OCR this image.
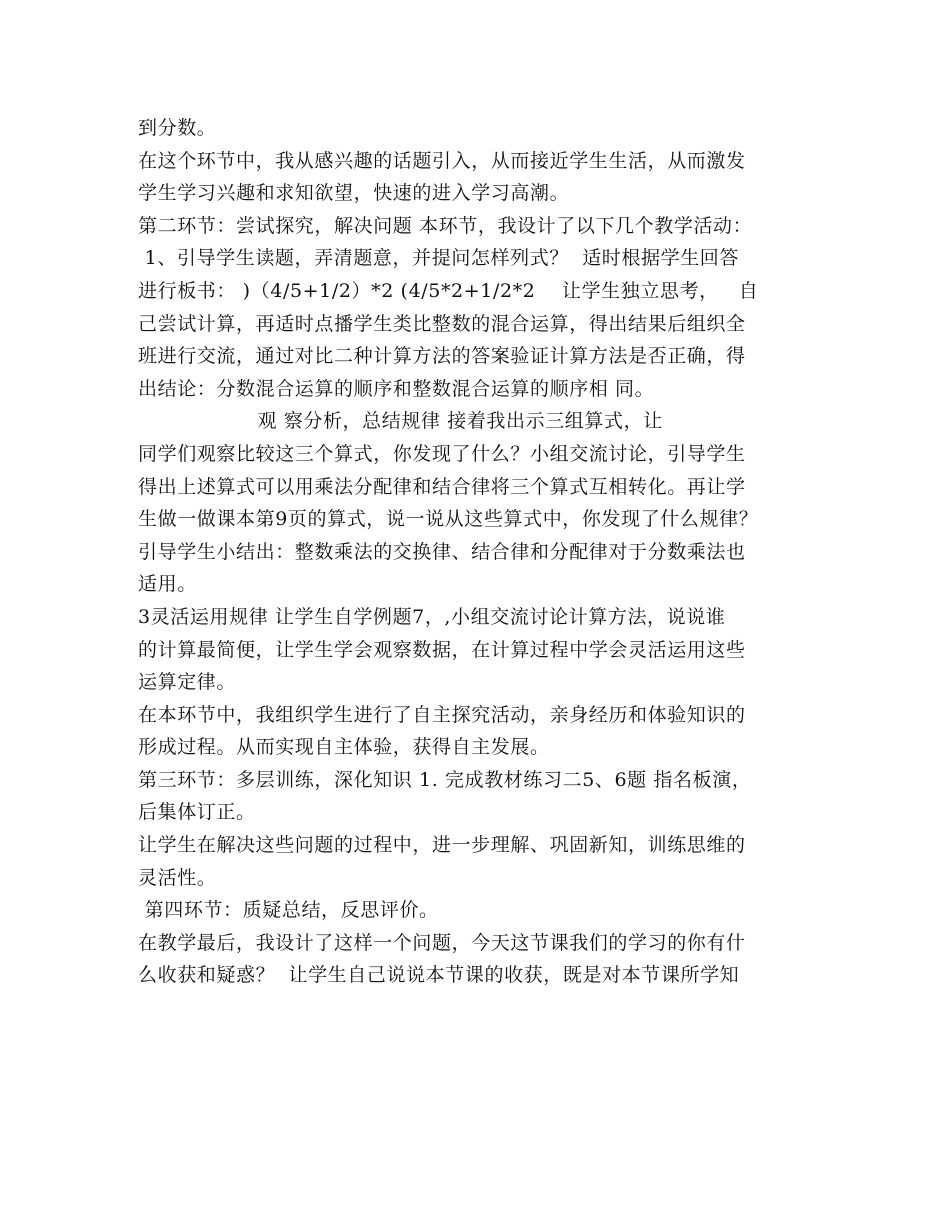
到分数。
在这个环节中，我从感兴趣的话题引入，从而接近学生生活，从而激发
学生学习兴趣和求知欲望，快速的进入学习高潮。
第二环节：尝试探究，解决问题 本环节，我设计了以下几个教学活动：
1、引导学生读题，弄清题意，并提问怎样列式？  适时根据学生回答
进行板书： )（4/5+1/2）*2 (4/5*2+1/2*2    让学生独立思考，   自
己尝试计算，再适时点播学生类比整数的混合运算，得出结果后组织全
班进行交流，通过对比二种计算方法的答案验证计算方法是否正确，得
出结论：分数混合运算的顺序和整数混合运算的顺序相 同。
观 察分析，总结规律 接着我出示三组算式，让
同学们观察比较这三个算式，你发现了什么？小组交流讨论，引导学生
得出上述算式可以用乘法分配律和结合律将三个算式互相转化。再让学
生做一做课本第9页的算式，说一说从这些算式中，你发现了什么规律？
引导学生小结出：整数乘法的交换律、结合律和分配律对于分数乘法也
适用。
3灵活运用规律 让学生自学例题7，,小组交流讨论计算方法，说说谁
的计算最简便，让学生学会观察数据，在计算过程中学会灵活运用这些
运算定律。
在本环节中，我组织学生进行了自主探究活动，亲身经历和体验知识的
形成过程。从而实现自主体验，获得自主发展。
第三环节：多层训练，深化知识 1. 完成教材练习二5、6题 指名板演，
后集体订正。
让学生在解决这些问题的过程中，进一步理解、巩固新知，训练思维的
灵活性。
第四环节：质疑总结，反思评价。
在教学最后，我设计了这样一个问题，今天这节课我们的学习的你有什
么收获和疑惑？  让学生自己说说本节课的收获，既是对本节课所学知
